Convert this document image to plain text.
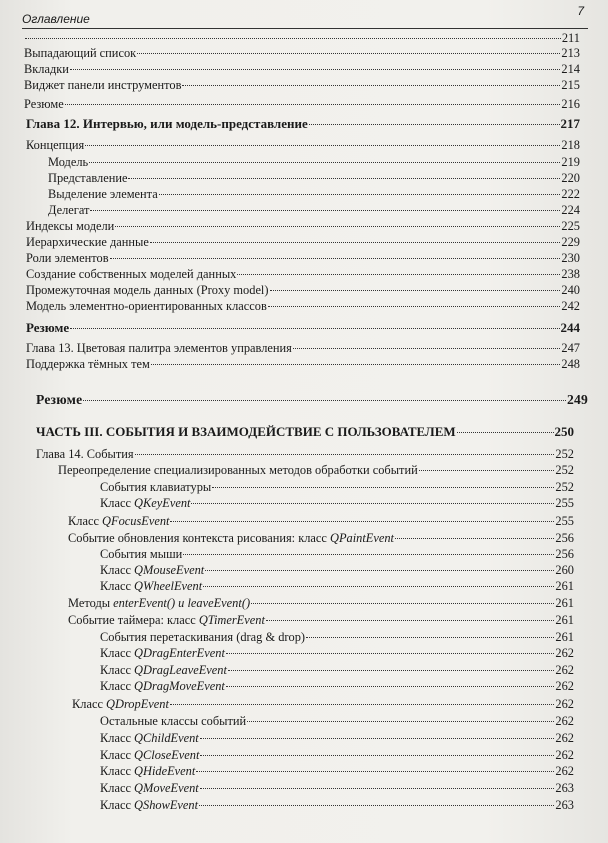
Оглавление
7
211
Выпадающий список	213
Вкладки	214
Виджет панели инструментов	215
Резюме	216
Глава 12. Интервью, или модель-представление	217
Концепция	218
Модель	219
Представление	220
Выделение элемента	222
Делегат	224
Индексы модели	225
Иерархические данные	229
Роли элементов	230
Создание собственных моделей данных	238
Промежуточная модель данных (Proxy model)	240
Модель элементно-ориентированных классов	242
Резюме	244
Глава 13. Цветовая палитра элементов управления	247
Поддержка тёмных тем	248
Резюме	249
ЧАСТЬ III. СОБЫТИЯ И ВЗАИМОДЕЙСТВИЕ С ПОЛЬЗОВАТЕЛЕМ	250
Глава 14. События	252
Переопределение специализированных методов обработки событий	252
События клавиатуры	252
Класс QKeyEvent	255
Класс QFocusEvent	255
Событие обновления контекста рисования: класс QPaintEvent	256
События мыши	256
Класс QMouseEvent	260
Класс QWheelEvent	261
Методы enterEvent() и leaveEvent()	261
Событие таймера: класс QTimerEvent	261
События перетаскивания (drag & drop)	261
Класс QDragEnterEvent	262
Класс QDragLeaveEvent	262
Класс QDragMoveEvent	262
Класс QDropEvent	262
Остальные классы событий	262
Класс QChildEvent	262
Класс QCloseEvent	262
Класс QHideEvent	262
Класс QMoveEvent	263
Класс QShowEvent	263
